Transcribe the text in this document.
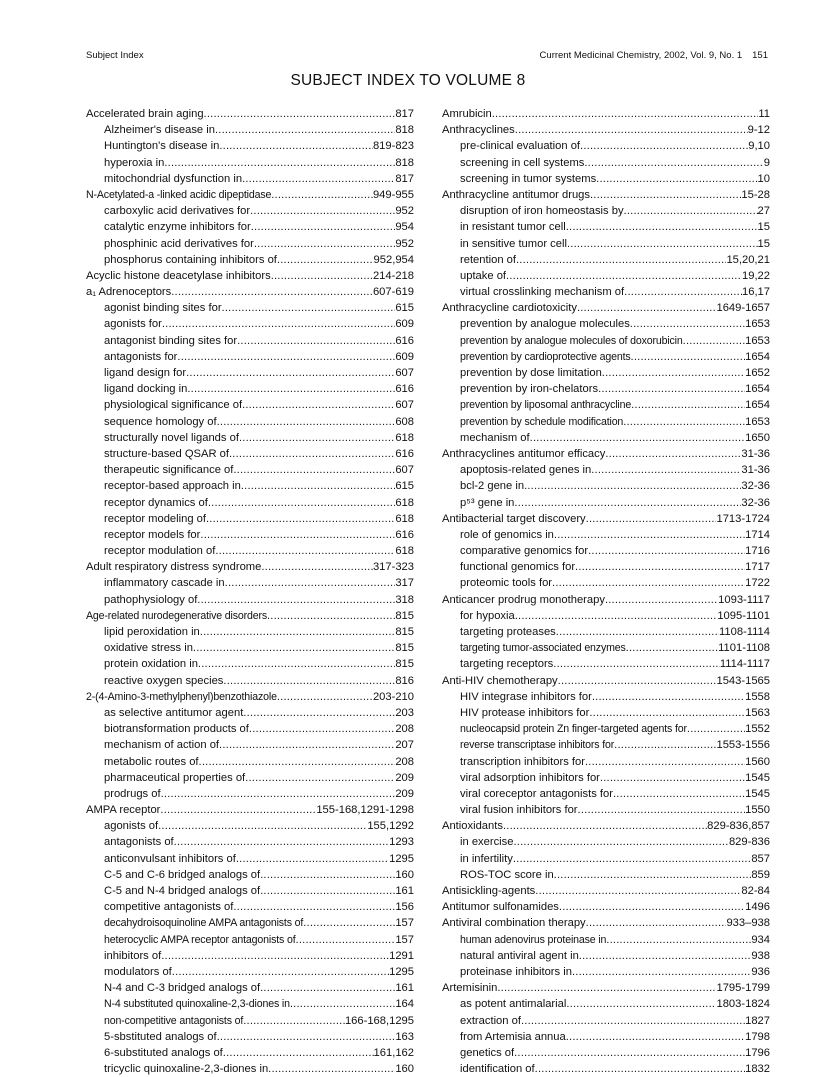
Subject Index	Current Medicinal Chemistry, 2002, Vol. 9, No. 1 151
SUBJECT INDEX TO VOLUME 8
Accelerated brain aging .....	817
Alzheimer's disease in .....	818
Huntington's disease in .....	819-823
hyperoxia in .....	818
mitochondrial dysfunction in .....	817
N-Acetylated-a -linked acidic dipeptidase .....	949-955
carboxylic acid derivatives for .....	952
catalytic enzyme inhibitors for .....	954
phosphinic acid derivatives for .....	952
phosphorus containing inhibitors of .....	952,954
Acyclic histone deacetylase inhibitors .....	214-218
a₁ Adrenoceptors .....	607-619
agonist binding sites for .....	615
agonists for .....	609
antagonist binding sites for .....	616
antagonists for .....	609
ligand design for .....	607
ligand docking in .....	616
physiological significance of .....	607
sequence homology of .....	608
structurally novel ligands of .....	618
structure-based QSAR of .....	616
therapeutic significance of .....	607
receptor-based approach in .....	615
receptor dynamics of .....	618
receptor modeling of .....	618
receptor models for .....	616
receptor modulation of .....	618
Adult respiratory distress syndrome .....	317-323
inflammatory cascade in .....	317
pathophysiology of .....	318
Age-related nurodegenerative disorders .....	815
lipid peroxidation in .....	815
oxidative stress in .....	815
protein oxidation in .....	815
reactive oxygen species .....	816
2-(4-Amino-3-methylphenyl)benzothiazole .....	203-210
as selective antitumor agent .....	203
biotransformation products of .....	208
mechanism of action of .....	207
metabolic routes of .....	208
pharmaceutical properties of .....	209
prodrugs of .....	209
AMPA receptor .....	155-168,1291-1298
agonists of .....	155,1292
antagonists of .....	1293
anticonvulsant inhibitors of .....	1295
C-5 and C-6 bridged analogs of .....	160
C-5 and N-4 bridged analogs of .....	161
competitive antagonists of .....	156
decahydroisoquinoline AMPA antagonists of .....	157
heterocyclic AMPA receptor antagonists of .....	157
inhibitors of .....	1291
modulators of .....	1295
N-4 and C-3 bridged analogs of .....	161
N-4 substituted quinoxaline-2,3-diones in .....	164
non-competitive antagonists of .....	166-168,1295
5-sbstituted analogs of .....	163
6-substituted analogs of .....	161,162
tricyclic quinoxaline-2,3-diones in .....	160
Amrubicin .....	11
Anthracyclines .....	9-12
pre-clinical evaluation of .....	9,10
screening in cell systems .....	9
screening in tumor systems .....	10
Anthracycline antitumor drugs .....	15-28
disruption of iron homeostasis by .....	27
in resistant tumor cell .....	15
in sensitive tumor cell .....	15
retention of .....	15,20,21
uptake of .....	19,22
virtual crosslinking mechanism of .....	16,17
Anthracycline cardiotoxicity .....	1649-1657
prevention by analogue molecules .....	1653
prevention by analogue molecules of doxorubicin .....	1653
prevention by cardioprotective agents .....	1654
prevention by dose limitation .....	1652
prevention by iron-chelators .....	1654
prevention by liposomal anthracycline .....	1654
prevention by schedule modification .....	1653
mechanism of .....	1650
Anthracyclines antitumor efficacy .....	31-36
apoptosis-related genes in .....	31-36
bcl-2 gene in .....	32-36
p⁵³ gene in .....	32-36
Antibacterial target discovery .....	1713-1724
role of genomics in .....	1714
comparative genomics for .....	1716
functional genomics for .....	1717
proteomic tools for .....	1722
Anticancer prodrug monotherapy .....	1093-1117
for hypoxia .....	1095-1101
targeting proteases .....	1108-1114
targeting tumor-associated enzymes .....	1101-1108
targeting receptors .....	1114-1117
Anti-HIV chemotherapy .....	1543-1565
HIV integrase inhibitors for .....	1558
HIV protease inhibitors for .....	1563
nucleocapsid protein Zn finger-targeted agents for .....	1552
reverse transcriptase inhibitors for .....	1553-1556
transcription inhibitors for .....	1560
viral adsorption inhibitors for .....	1545
viral coreceptor antagonists for .....	1545
viral fusion inhibitors for .....	1550
Antioxidants .....	829-836,857
in exercise .....	829-836
in infertility .....	857
ROS-TOC score in .....	859
Antisickling-agents .....	82-84
Antitumor sulfonamides .....	1496
Antiviral combination therapy .....	933–938
human adenovirus proteinase in .....	934
natural antiviral agent in .....	938
proteinase inhibitors in .....	936
Artemisinin .....	1795-1799
as potent antimalarial .....	1803-1824
extraction of .....	1827
from Artemisia annua .....	1798
genetics of .....	1796
identification of .....	1832
